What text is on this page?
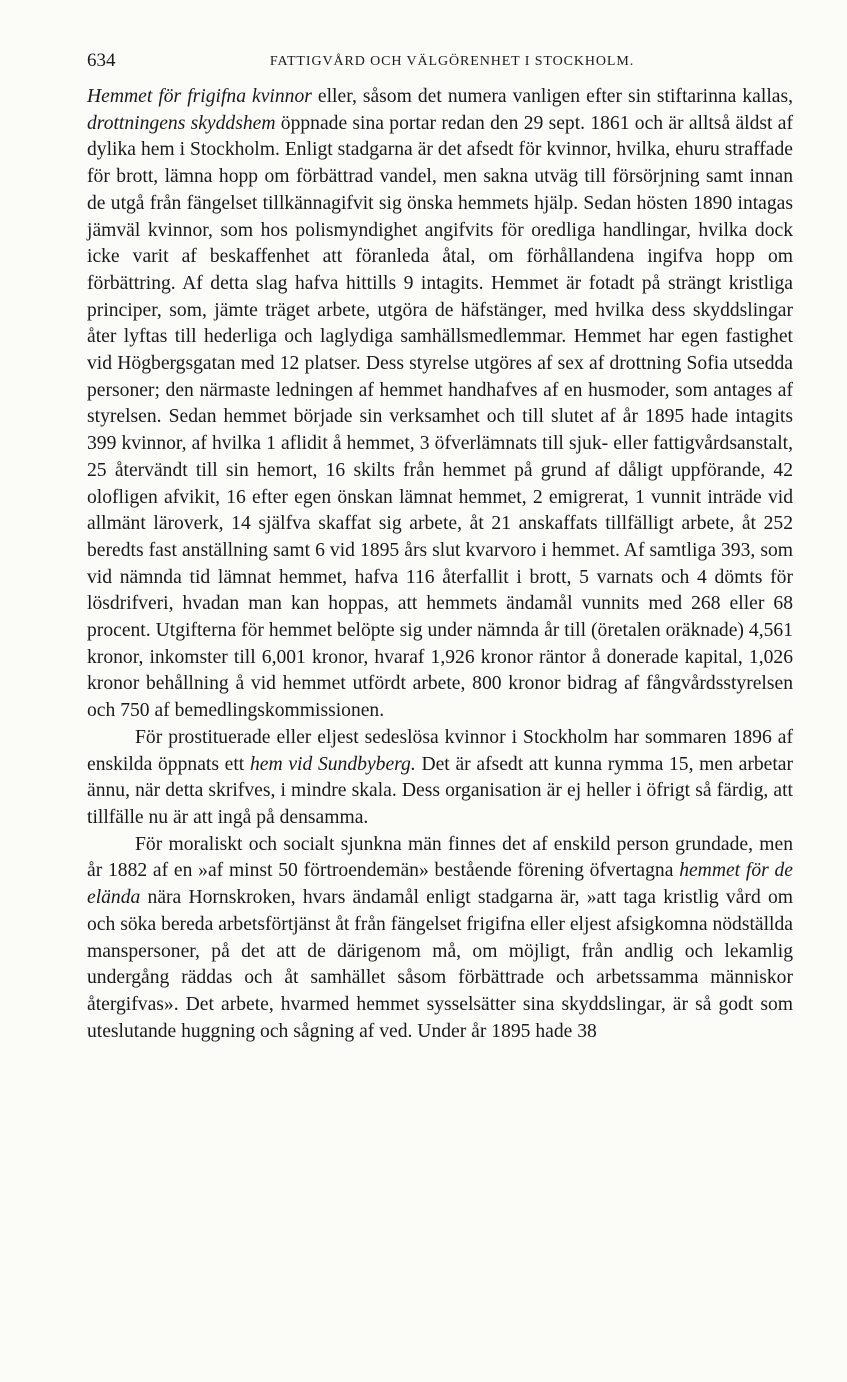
634	FATTIGVÅRD OCH VÄLGÖRENHET I STOCKHOLM.

Hemmet för frigifna kvinnor eller, såsom det numera vanligen efter sin stiftarinna kallas, drottningens skyddshem öppnade sina portar redan den 29 sept. 1861 och är alltså äldst af dylika hem i Stockholm. Enligt stadgarna är det afsedt för kvinnor, hvilka, ehuru straffade för brott, lämna hopp om förbättrad vandel, men sakna utväg till försörjning samt innan de utgå från fängelset tillkännagifvit sig önska hemmets hjälp. Sedan hösten 1890 intagas jämväl kvinnor, som hos polismyndighet angifvits för oredliga handlingar, hvilka dock icke varit af beskaffenhet att föranleda åtal, om förhållandena ingifva hopp om förbättring. Af detta slag hafva hittills 9 intagits. Hemmet är fotadt på strängt kristliga principer, som, jämte träget arbete, utgöra de häfstänger, med hvilka dess skyddslingar åter lyftas till hederliga och laglydiga samhällsmedlemmar. Hemmet har egen fastighet vid Högbergsgatan med 12 platser. Dess styrelse utgöres af sex af drottning Sofia utsedda personer; den närmaste ledningen af hemmet handhafves af en husmoder, som antages af styrelsen. Sedan hemmet började sin verksamhet och till slutet af år 1895 hade intagits 399 kvinnor, af hvilka 1 aflidit å hemmet, 3 öfverlämnats till sjuk- eller fattigvårdsanstalt, 25 återvändt till sin hemort, 16 skilts från hemmet på grund af dåligt uppförande, 42 olofligen afvikit, 16 efter egen önskan lämnat hemmet, 2 emigrerat, 1 vunnit inträde vid allmänt läroverk, 14 själfva skaffat sig arbete, åt 21 anskaffats tillfälligt arbete, åt 252 beredts fast anställning samt 6 vid 1895 års slut kvarvoro i hemmet. Af samtliga 393, som vid nämnda tid lämnat hemmet, hafva 116 återfallit i brott, 5 varnats och 4 dömts för lösdrifveri, hvadan man kan hoppas, att hemmets ändamål vunnits med 268 eller 68 procent. Utgifterna för hemmet belöpte sig under nämnda år till (öretalen oräknade) 4,561 kronor, inkomster till 6,001 kronor, hvaraf 1,926 kronor räntor å donerade kapital, 1,026 kronor behållning å vid hemmet utfördt arbete, 800 kronor bidrag af fångvårdsstyrelsen och 750 af bemedlingskommissionen.

För prostituerade eller eljest sedeslösa kvinnor i Stockholm har sommaren 1896 af enskilda öppnats ett hem vid Sundbyberg. Det är afsedt att kunna rymma 15, men arbetar ännu, när detta skrifves, i mindre skala. Dess organisation är ej heller i öfrigt så färdig, att tillfälle nu är att ingå på densamma.

För moraliskt och socialt sjunkna män finnes det af enskild person grundade, men år 1882 af en »af minst 50 förtroendemän» bestående förening öfvertagna hemmet för de elända nära Hornskroken, hvars ändamål enligt stadgarna är, »att taga kristlig vård om och söka bereda arbetsförtjänst åt från fängelset frigifna eller eljest afsigkomna nödställda manspersoner, på det att de därigenom må, om möjligt, från andlig och lekamlig undergång räddas och åt samhället såsom förbättrade och arbetssamma människor återgifvas». Det arbete, hvarmed hemmet sysselsätter sina skyddslingar, är så godt som uteslutande huggning och sågning af ved. Under år 1895 hade 38
